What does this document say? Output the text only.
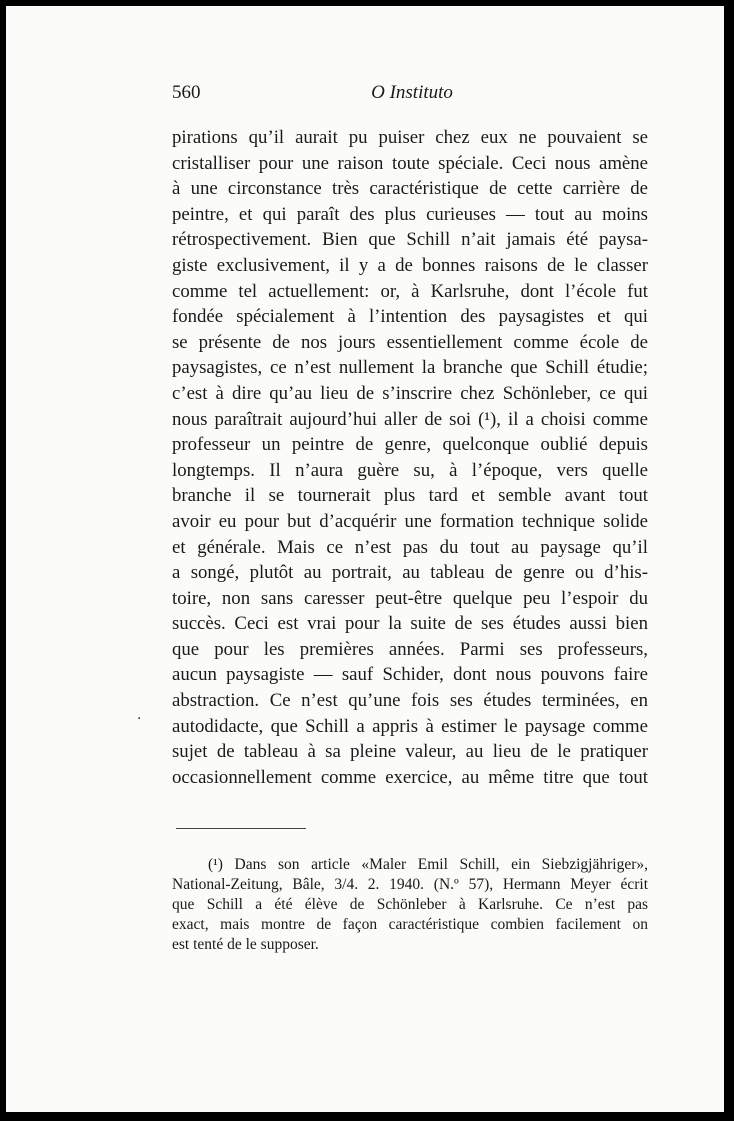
560	O Instituto
·
pirations qu’il aurait pu puiser chez eux ne pouvaient se
cristalliser pour une raison toute spéciale. Ceci nous amène
à une circonstance très caractéristique de cette carrière de
peintre, et qui paraît des plus curieuses — tout au moins
rétrospectivement. Bien que Schill n’ait jamais été paysa-
giste exclusivement, il y a de bonnes raisons de le classer
comme tel actuellement: or, à Karlsruhe, dont l’école fut
fondée spécialement à l’intention des paysagistes et qui
se présente de nos jours essentiellement comme école de
paysagistes, ce n’est nullement la branche que Schill étudie;
c’est à dire qu’au lieu de s’inscrire chez Schönleber, ce qui
nous paraîtrait aujourd’hui aller de soi (¹), il a choisi comme
professeur un peintre de genre, quelconque oublié depuis
longtemps. Il n’aura guère su, à l’époque, vers quelle
branche il se tournerait plus tard et semble avant tout
avoir eu pour but d’acquérir une formation technique solide
et générale. Mais ce n’est pas du tout au paysage qu’il
a songé, plutôt au portrait, au tableau de genre ou d’his-
toire, non sans caresser peut-être quelque peu l’espoir du
succès. Ceci est vrai pour la suite de ses études aussi bien
que pour les premières années. Parmi ses professeurs,
aucun paysagiste — sauf Schider, dont nous pouvons faire
abstraction. Ce n’est qu’une fois ses études terminées, en
autodidacte, que Schill a appris à estimer le paysage comme
sujet de tableau à sa pleine valeur, au lieu de le pratiquer
occasionnellement comme exercice, au même titre que tout
(¹) Dans son article «Maler Emil Schill, ein Siebzigjähriger»,
National-Zeitung, Bâle, 3/4. 2. 1940. (N.º 57), Hermann Meyer écrit
que Schill a été élève de Schönleber à Karlsruhe. Ce n’est pas
exact, mais montre de façon caractéristique combien facilement on
est tenté de le supposer.
